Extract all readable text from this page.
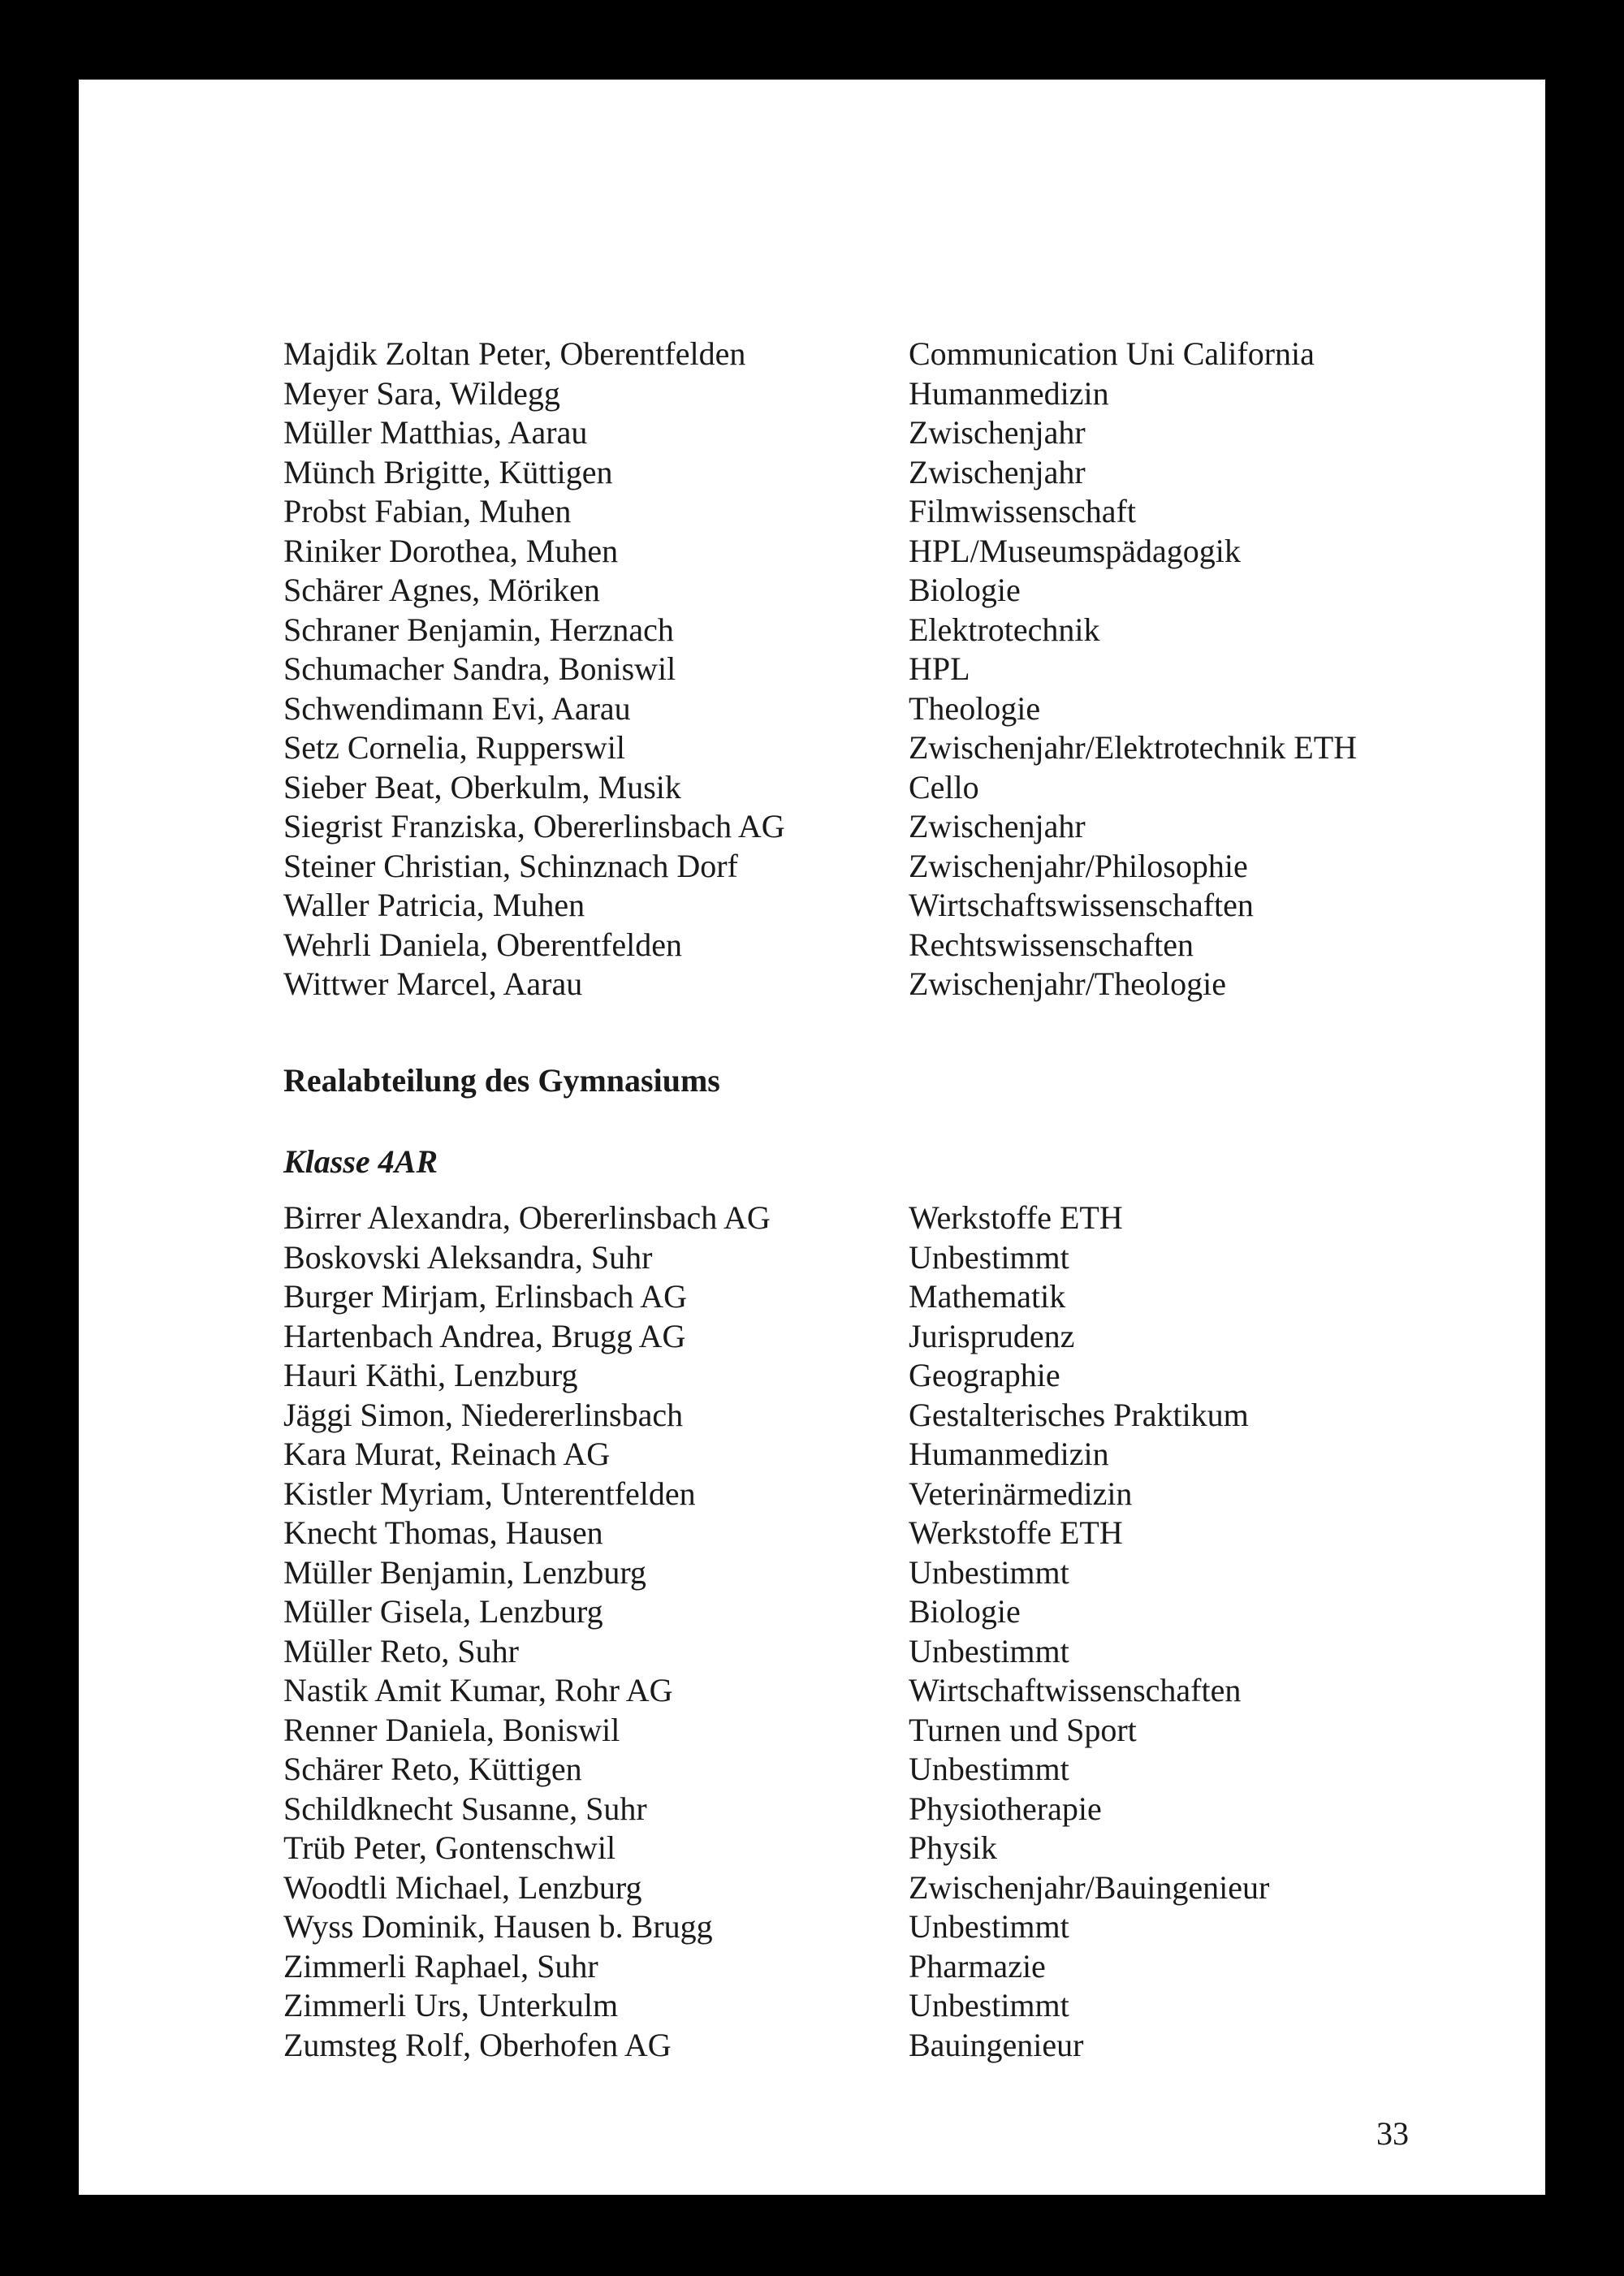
Majdik Zoltan Peter, Oberentfelden	Communication Uni California
Meyer Sara, Wildegg	Humanmedizin
Müller Matthias, Aarau	Zwischenjahr
Münch Brigitte, Küttigen	Zwischenjahr
Probst Fabian, Muhen	Filmwissenschaft
Riniker Dorothea, Muhen	HPL/Museumspädagogik
Schärer Agnes, Möriken	Biologie
Schraner Benjamin, Herznach	Elektrotechnik
Schumacher Sandra, Boniswil	HPL
Schwendimann Evi, Aarau	Theologie
Setz Cornelia, Rupperswil	Zwischenjahr/Elektrotechnik ETH
Sieber Beat, Oberkulm, Musik	Cello
Siegrist Franziska, Obererlinsbach AG	Zwischenjahr
Steiner Christian, Schinznach Dorf	Zwischenjahr/Philosophie
Waller Patricia, Muhen	Wirtschaftswissenschaften
Wehrli Daniela, Oberentfelden	Rechtswissenschaften
Wittwer Marcel, Aarau	Zwischenjahr/Theologie
Realabteilung des Gymnasiums
Klasse 4AR
Birrer Alexandra, Obererlinsbach AG	Werkstoffe ETH
Boskovski Aleksandra, Suhr	Unbestimmt
Burger Mirjam, Erlinsbach AG	Mathematik
Hartenbach Andrea, Brugg AG	Jurisprudenz
Hauri Käthi, Lenzburg	Geographie
Jäggi Simon, Niedererlinsbach	Gestalterisches Praktikum
Kara Murat, Reinach AG	Humanmedizin
Kistler Myriam, Unterentfelden	Veterinärmedizin
Knecht Thomas, Hausen	Werkstoffe ETH
Müller Benjamin, Lenzburg	Unbestimmt
Müller Gisela, Lenzburg	Biologie
Müller Reto, Suhr	Unbestimmt
Nastik Amit Kumar, Rohr AG	Wirtschaftwissenschaften
Renner Daniela, Boniswil	Turnen und Sport
Schärer Reto, Küttigen	Unbestimmt
Schildknecht Susanne, Suhr	Physiotherapie
Trüb Peter, Gontenschwil	Physik
Woodtli Michael, Lenzburg	Zwischenjahr/Bauingenieur
Wyss Dominik, Hausen b. Brugg	Unbestimmt
Zimmerli Raphael, Suhr	Pharmazie
Zimmerli Urs, Unterkulm	Unbestimmt
Zumsteg Rolf, Oberhofen AG	Bauingenieur
33
